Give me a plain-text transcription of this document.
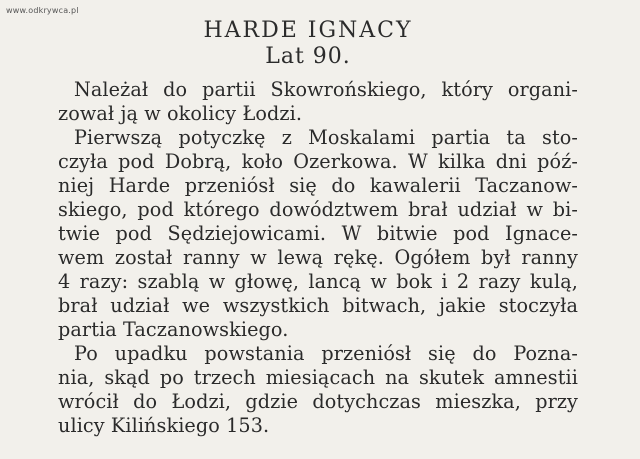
www.odkrywca.pl
HARDE IGNACY
Lat 90.
Należał do partii Skowrońskiego, który organi-
zował ją w okolicy Łodzi.
Pierwszą potyczkę z Moskalami partia ta sto-
czyła pod Dobrą, koło Ozerkowa. W kilka dni póź-
niej Harde przeniósł się do kawalerii Taczanow-
skiego, pod którego dowództwem brał udział w bi-
twie pod Sędziejowicami. W bitwie pod Ignace-
wem został ranny w lewą rękę. Ogółem był ranny
4 razy: szablą w głowę, lancą w bok i 2 razy kulą,
brał udział we wszystkich bitwach, jakie stoczyła
partia Taczanowskiego.
Po upadku powstania przeniósł się do Pozna-
nia, skąd po trzech miesiącach na skutek amnestii
wrócił do Łodzi, gdzie dotychczas mieszka, przy
ulicy Kilińskiego 153.
